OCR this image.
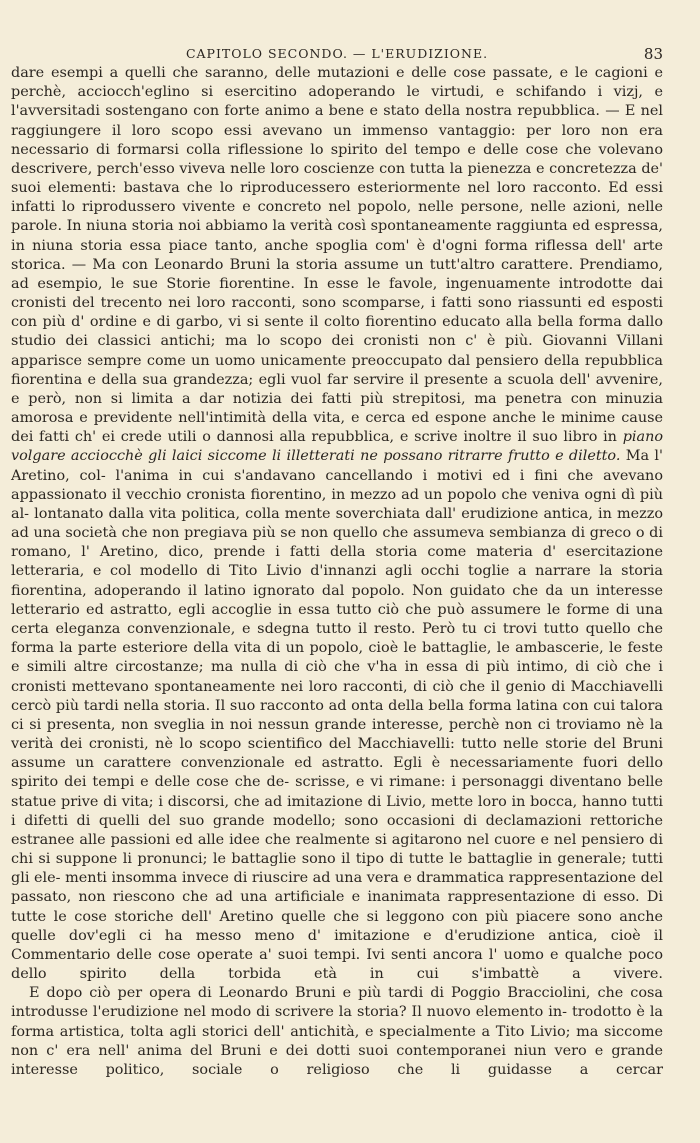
CAPITOLO SECONDO. — L'ERUDIZIONE.	83

dare esempi a quelli che saranno, delle mutazioni e delle cose passate, e le cagioni e perchè, acciocch'eglino si esercitino adoperando le virtudi, e schifando i vizj, e l'avversitadi sostengano con forte animo a bene e stato della nostra repubblica. — E nel raggiungere il loro scopo essi avevano un immenso vantaggio: per loro non era necessario di formarsi colla riflessione lo spirito del tempo e delle cose che volevano descrivere, perch'esso viveva nelle loro coscienze con tutta la pienezza e concretezza de' suoi elementi: bastava che lo riproducessero esteriormente nel loro racconto. Ed essi infatti lo riprodussero vivente e concreto nel popolo, nelle persone, nelle azioni, nelle parole. In niuna storia noi abbiamo la verità così spontaneamente raggiunta ed espressa, in niuna storia essa piace tanto, anche spoglia com' è d'ogni forma riflessa dell' arte storica. — Ma con Leonardo Bruni la storia assume un tutt'altro carattere. Prendiamo, ad esempio, le sue Storie fiorentine. In esse le favole, ingenuamente introdotte dai cronisti del trecento nei loro racconti, sono scomparse, i fatti sono riassunti ed esposti con più d' ordine e di garbo, vi si sente il colto fiorentino educato alla bella forma dallo studio dei classici antichi; ma lo scopo dei cronisti non c' è più. Giovanni Villani apparisce sempre come un uomo unicamente preoccupato dal pensiero della repubblica fiorentina e della sua grandezza; egli vuol far servire il presente a scuola dell' avvenire, e però, non si limita a dar notizia dei fatti più strepitosi, ma penetra con minuzia amorosa e previdente nell'intimità della vita, e cerca ed espone anche le minime cause dei fatti ch' ei crede utili o dannosi alla repubblica, e scrive inoltre il suo libro in piano volgare acciocchè gli laici siccome li illetterati ne possano ritrarre frutto e diletto. Ma l' Aretino, col- l'anima in cui s'andavano cancellando i motivi ed i fini che avevano appassionato il vecchio cronista fiorentino, in mezzo ad un popolo che veniva ogni dì più al- lontanato dalla vita politica, colla mente soverchiata dall' erudizione antica, in mezzo ad una società che non pregiava più se non quello che assumeva sembianza di greco o di romano, l' Aretino, dico, prende i fatti della storia come materia d' esercitazione letteraria, e col modello di Tito Livio d'innanzi agli occhi toglie a narrare la storia fiorentina, adoperando il latino ignorato dal popolo. Non guidato che da un interesse letterario ed astratto, egli accoglie in essa tutto ciò che può assumere le forme di una certa eleganza convenzionale, e sdegna tutto il resto. Però tu ci trovi tutto quello che forma la parte esteriore della vita di un popolo, cioè le battaglie, le ambascerie, le feste e simili altre circostanze; ma nulla di ciò che v'ha in essa di più intimo, di ciò che i cronisti mettevano spontaneamente nei loro racconti, di ciò che il genio di Macchiavelli cercò più tardi nella storia. Il suo racconto ad onta della bella forma latina con cui talora ci si presenta, non sveglia in noi nessun grande interesse, perchè non ci troviamo nè la verità dei cronisti, nè lo scopo scientifico del Macchiavelli: tutto nelle storie del Bruni assume un carattere convenzionale ed astratto. Egli è necessariamente fuori dello spirito dei tempi e delle cose che de- scrisse, e vi rimane: i personaggi diventano belle statue prive di vita; i discorsi, che ad imitazione di Livio, mette loro in bocca, hanno tutti i difetti di quelli del suo grande modello; sono occasioni di declamazioni rettoriche estranee alle passioni ed alle idee che realmente si agitarono nel cuore e nel pensiero di chi si suppone li pronunci; le battaglie sono il tipo di tutte le battaglie in generale; tutti gli ele- menti insomma invece di riuscire ad una vera e drammatica rappresentazione del passato, non riescono che ad una artificiale e inanimata rappresentazione di esso. Di tutte le cose storiche dell' Aretino quelle che si leggono con più piacere sono anche quelle dov'egli ci ha messo meno d' imitazione e d'erudizione antica, cioè il Commentario delle cose operate a' suoi tempi. Ivi senti ancora l' uomo e qualche poco dello spirito della torbida età in cui s'imbattè a vivere.

E dopo ciò per opera di Leonardo Bruni e più tardi di Poggio Bracciolini, che cosa introdusse l'erudizione nel modo di scrivere la storia? Il nuovo elemento in- trodotto è la forma artistica, tolta agli storici dell' antichità, e specialmente a Tito Livio; ma siccome non c' era nell' anima del Bruni e dei dotti suoi contemporanei niun vero e grande interesse politico, sociale o religioso che li guidasse a cercar
